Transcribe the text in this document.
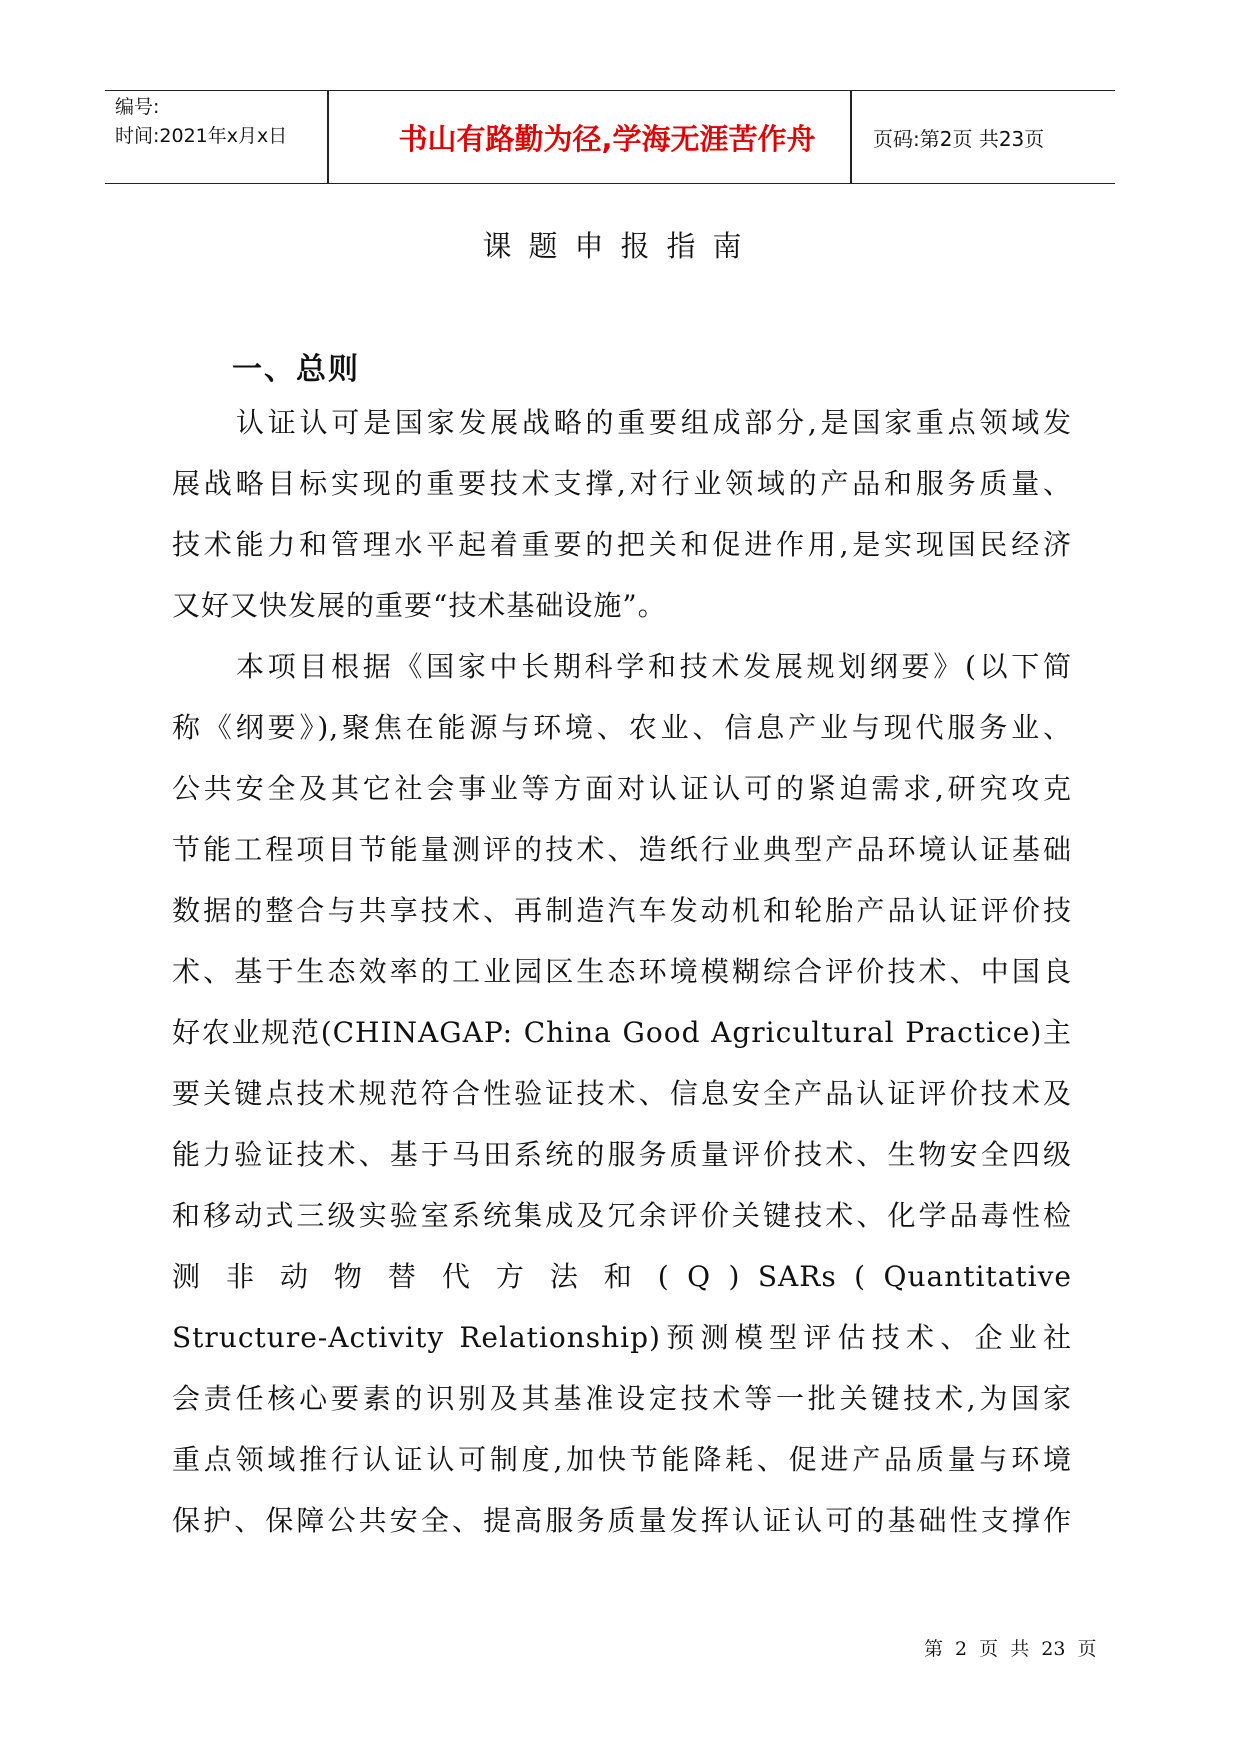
编号:
时间:2021年x月x日	书山有路勤为径,学海无涯苦作舟	页码:第2页 共23页
课题申报指南
一、总则
认证认可是国家发展战略的重要组成部分,是国家重点领域发
展战略目标实现的重要技术支撑,对行业领域的产品和服务质量、
技术能力和管理水平起着重要的把关和促进作用,是实现国民经济
又好又快发展的重要“技术基础设施”。
本项目根据《国家中长期科学和技术发展规划纲要》(以下简
称《纲要》),聚焦在能源与环境、农业、信息产业与现代服务业、
公共安全及其它社会事业等方面对认证认可的紧迫需求,研究攻克
节能工程项目节能量测评的技术、造纸行业典型产品环境认证基础
数据的整合与共享技术、再制造汽车发动机和轮胎产品认证评价技
术、基于生态效率的工业园区生态环境模糊综合评价技术、中国良
好农业规范(CHINAGAP: China Good Agricultural Practice)主
要关键点技术规范符合性验证技术、信息安全产品认证评价技术及
能力验证技术、基于马田系统的服务质量评价技术、生物安全四级
和移动式三级实验室系统集成及冗余评价关键技术、化学品毒性检
测 非 动 物 替 代 方 法 和 ( Q ) SARs ( Quantitative
Structure-Activity Relationship)预测模型评估技术、企业社
会责任核心要素的识别及其基准设定技术等一批关键技术,为国家
重点领域推行认证认可制度,加快节能降耗、促进产品质量与环境
保护、保障公共安全、提高服务质量发挥认证认可的基础性支撑作
第 2 页 共 23 页
